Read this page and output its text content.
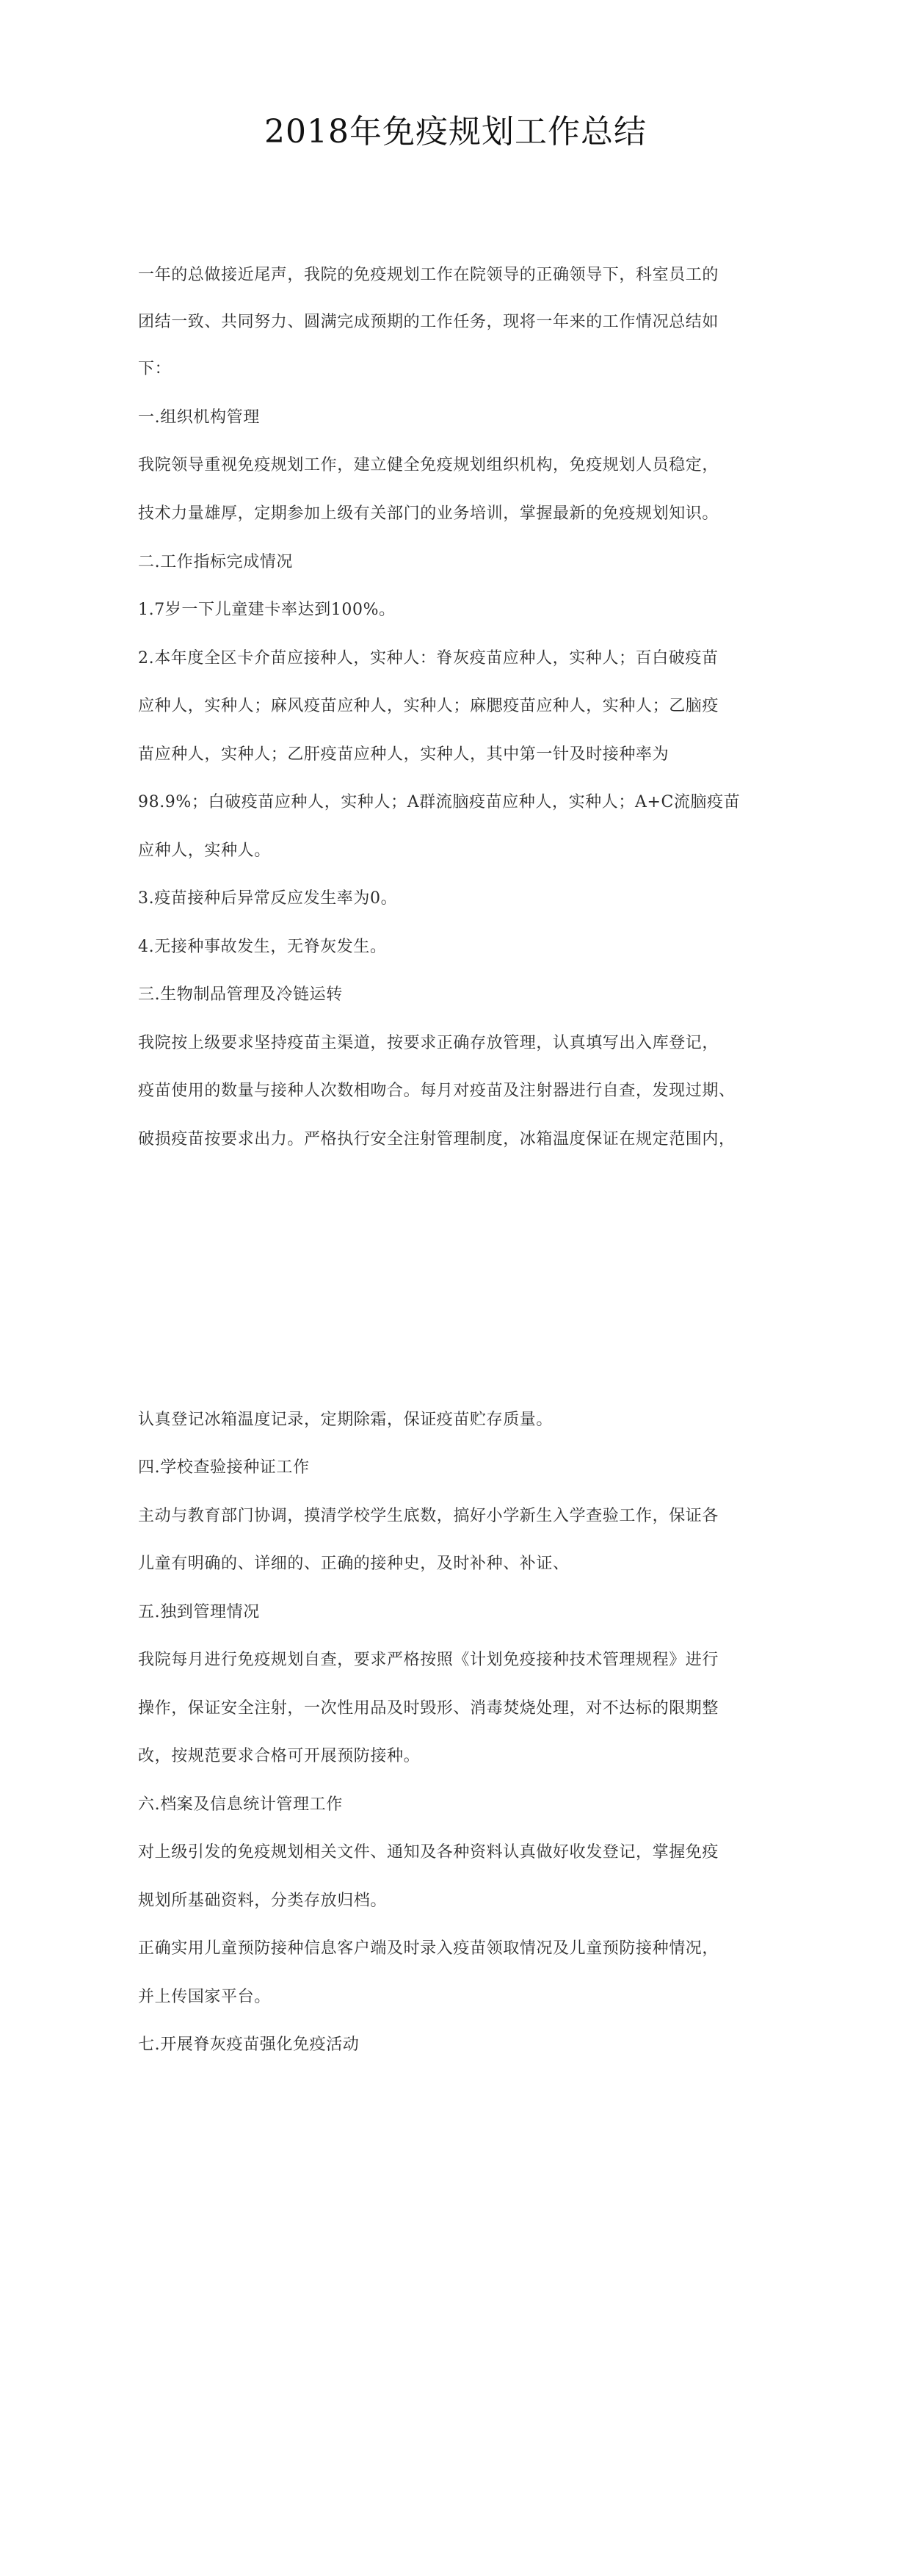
2018年免疫规划工作总结
一年的总做接近尾声，我院的免疫规划工作在院领导的正确领导下，科室员工的
团结一致、共同努力、圆满完成预期的工作任务，现将一年来的工作情况总结如
下：
一.组织机构管理
我院领导重视免疫规划工作，建立健全免疫规划组织机构，免疫规划人员稳定，
技术力量雄厚，定期参加上级有关部门的业务培训，掌握最新的免疫规划知识。
二.工作指标完成情况
1.7岁一下儿童建卡率达到100%。
2.本年度全区卡介苗应接种人，实种人：脊灰疫苗应种人，实种人；百白破疫苗
应种人，实种人；麻风疫苗应种人，实种人；麻腮疫苗应种人，实种人；乙脑疫
苗应种人，实种人；乙肝疫苗应种人，实种人，其中第一针及时接种率为
98.9%；白破疫苗应种人，实种人；A群流脑疫苗应种人，实种人；A+C流脑疫苗
应种人，实种人。
3.疫苗接种后异常反应发生率为0。
4.无接种事故发生，无脊灰发生。
三.生物制品管理及冷链运转
我院按上级要求坚持疫苗主渠道，按要求正确存放管理，认真填写出入库登记，
疫苗使用的数量与接种人次数相吻合。每月对疫苗及注射器进行自查，发现过期、
破损疫苗按要求出力。严格执行安全注射管理制度，冰箱温度保证在规定范围内，
认真登记冰箱温度记录，定期除霜，保证疫苗贮存质量。
四.学校查验接种证工作
主动与教育部门协调，摸清学校学生底数，搞好小学新生入学查验工作，保证各
儿童有明确的、详细的、正确的接种史，及时补种、补证、
五.独到管理情况
我院每月进行免疫规划自查，要求严格按照《计划免疫接种技术管理规程》进行
操作，保证安全注射，一次性用品及时毁形、消毒焚烧处理，对不达标的限期整
改，按规范要求合格可开展预防接种。
六.档案及信息统计管理工作
对上级引发的免疫规划相关文件、通知及各种资料认真做好收发登记，掌握免疫
规划所基础资料，分类存放归档。
正确实用儿童预防接种信息客户端及时录入疫苗领取情况及儿童预防接种情况，
并上传国家平台。
七.开展脊灰疫苗强化免疫活动
